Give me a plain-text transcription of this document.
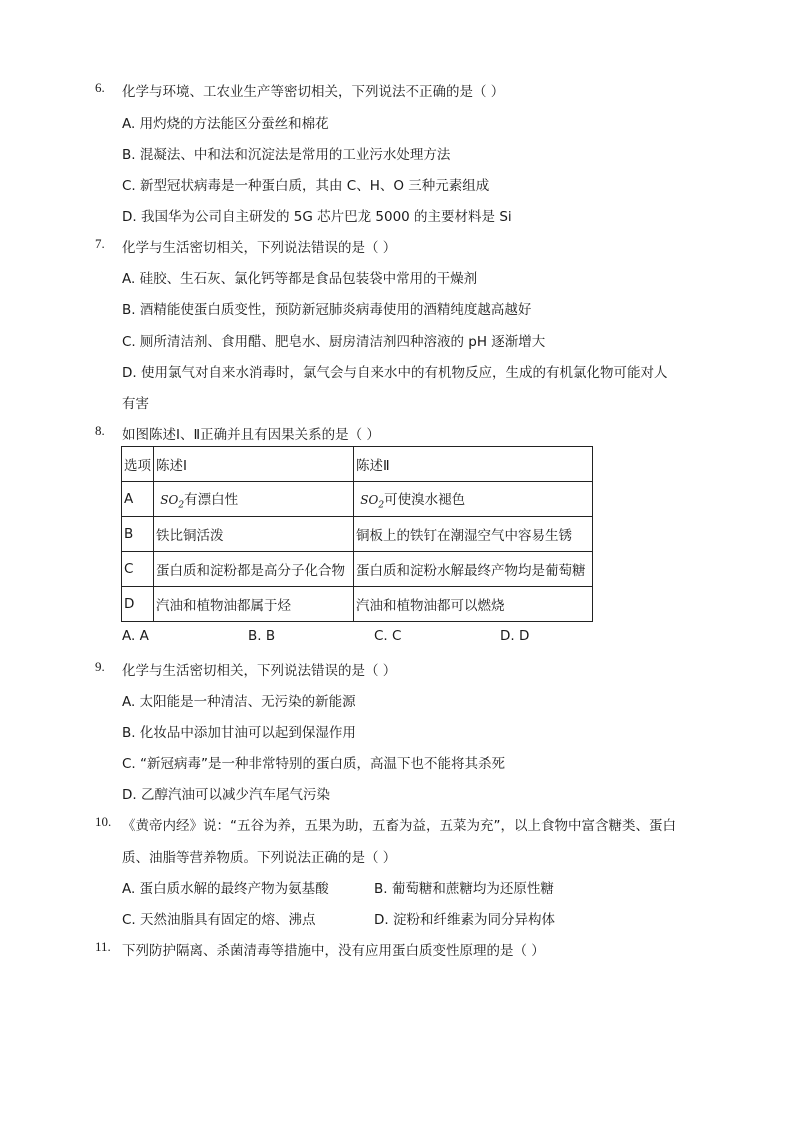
6. 化学与环境、工农业生产等密切相关，下列说法不正确的是（ ）
A. 用灼烧的方法能区分蚕丝和棉花
B. 混凝法、中和法和沉淀法是常用的工业污水处理方法
C. 新型冠状病毒是一种蛋白质，其由 C、H、O 三种元素组成
D. 我国华为公司自主研发的 5G 芯片巴龙 5000 的主要材料是 Si
7. 化学与生活密切相关，下列说法错误的是（ ）
A. 硅胶、生石灰、氯化钙等都是食品包装袋中常用的干燥剂
B. 酒精能使蛋白质变性，预防新冠肺炎病毒使用的酒精纯度越高越好
C. 厕所清洁剂、食用醋、肥皂水、厨房清洁剂四种溶液的 pH 逐渐增大
D. 使用氯气对自来水消毒时，氯气会与自来水中的有机物反应，生成的有机氯化物可能对人
有害
8. 如图陈述Ⅰ、Ⅱ正确并且有因果关系的是（ ）
选项	陈述Ⅰ	陈述Ⅱ
A	$SO_2$有漂白性	$SO_2$可使溴水褪色
B	铁比铜活泼	铜板上的铁钉在潮湿空气中容易生锈
C	蛋白质和淀粉都是高分子化合物	蛋白质和淀粉水解最终产物均是葡萄糖
D	汽油和植物油都属于烃	汽油和植物油都可以燃烧
A. A	B. B	C. C	D. D
9. 化学与生活密切相关，下列说法错误的是（ ）
A. 太阳能是一种清洁、无污染的新能源
B. 化妆品中添加甘油可以起到保湿作用
C. “新冠病毒”是一种非常特别的蛋白质，高温下也不能将其杀死
D. 乙醇汽油可以减少汽车尾气污染
10. 《黄帝内经》说：“五谷为养，五果为助，五畜为益，五菜为充”，以上食物中富含糖类、蛋白
质、油脂等营养物质。下列说法正确的是（ ）
A. 蛋白质水解的最终产物为氨基酸	B. 葡萄糖和蔗糖均为还原性糖
C. 天然油脂具有固定的熔、沸点	D. 淀粉和纤维素为同分异构体
11. 下列防护隔离、杀菌清毒等措施中，没有应用蛋白质变性原理的是（ ）
